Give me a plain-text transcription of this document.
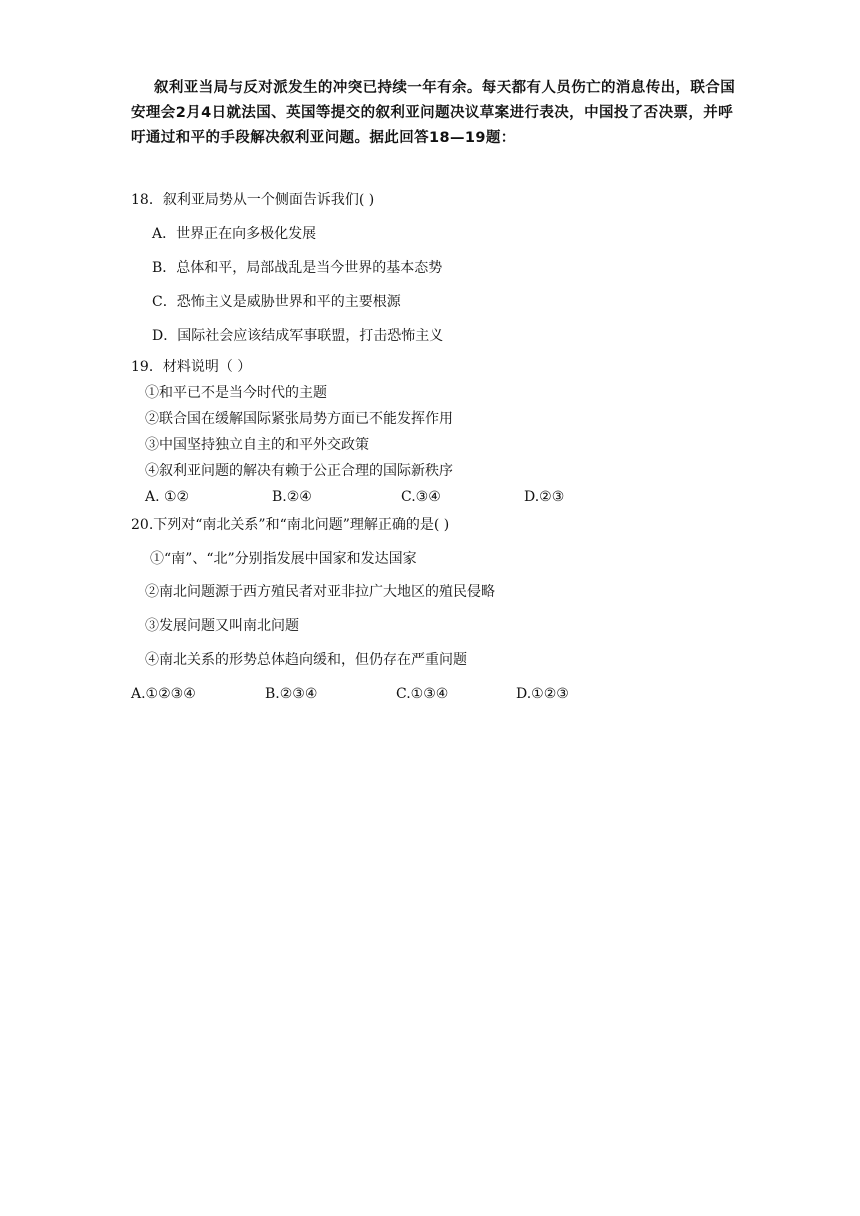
叙利亚当局与反对派发生的冲突已持续一年有余。每天都有人员伤亡的消息传出，联合国安理会2月4日就法国、英国等提交的叙利亚问题决议草案进行表决，中国投了否决票，并呼吁通过和平的手段解决叙利亚问题。据此回答18—19题：

18．叙利亚局势从一个侧面告诉我们( )

A．世界正在向多极化发展

B．总体和平，局部战乱是当今世界的基本态势

C．恐怖主义是威胁世界和平的主要根源

D．国际社会应该结成军事联盟，打击恐怖主义

19．材料说明（ ）

①和平已不是当今时代的主题

②联合国在缓解国际紧张局势方面已不能发挥作用

③中国坚持独立自主的和平外交政策

④叙利亚问题的解决有赖于公正合理的国际新秩序

A. ①②	B.②④	C.③④	D.②③

20.下列对“南北关系”和“南北问题”理解正确的是( )

①“南”、“北”分别指发展中国家和发达国家

②南北问题源于西方殖民者对亚非拉广大地区的殖民侵略

③发展问题又叫南北问题

④南北关系的形势总体趋向缓和，但仍存在严重问题

A.①②③④	B.②③④	C.①③④	D.①②③
